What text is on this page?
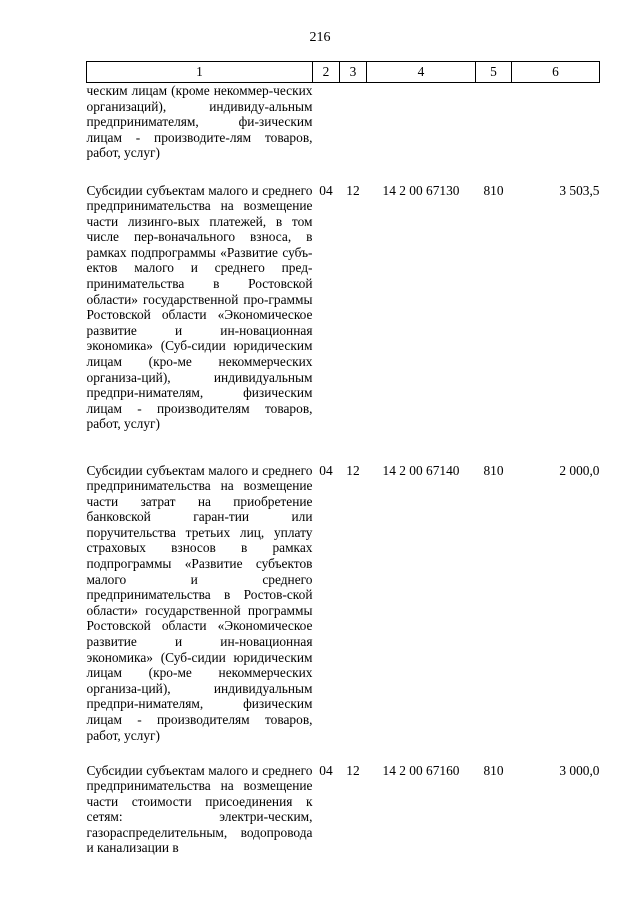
216
1	2	3	4	5	6
ческим лицам (кроме некоммер-ческих организаций), индивиду-альным предпринимателям, фи-зическим лицам - производите-лям товаров, работ, услуг)					
Субсидии субъектам малого и среднего предпринимательства на возмещение части лизинго-вых платежей, в том числе пер-воначального взноса, в рамках подпрограммы «Развитие субъ-ектов малого и среднего пред-принимательства в Ростовской области» государственной про-граммы Ростовской области «Экономическое развитие и ин-новационная экономика» (Суб-сидии юридическим лицам (кро-ме некоммерческих организа-ций), индивидуальным предпри-нимателям, физическим лицам - производителям товаров, работ, услуг)	04	12	14 2 00 67130	810	3 503,5
Субсидии субъектам малого и среднего предпринимательства на возмещение части затрат на приобретение банковской гаран-тии или поручительства третьих лиц, уплату страховых взносов в рамках подпрограммы «Развитие субъектов малого и среднего предпринимательства в Ростов-ской области» государственной программы Ростовской области «Экономическое развитие и ин-новационная экономика» (Суб-сидии юридическим лицам (кро-ме некоммерческих организа-ций), индивидуальным предпри-нимателям, физическим лицам - производителям товаров, работ, услуг)	04	12	14 2 00 67140	810	2 000,0
Субсидии субъектам малого и среднего предпринимательства на возмещение части стоимости присоединения к сетям: электри-ческим, газораспределительным, водопровода и канализации в	04	12	14 2 00 67160	810	3 000,0
